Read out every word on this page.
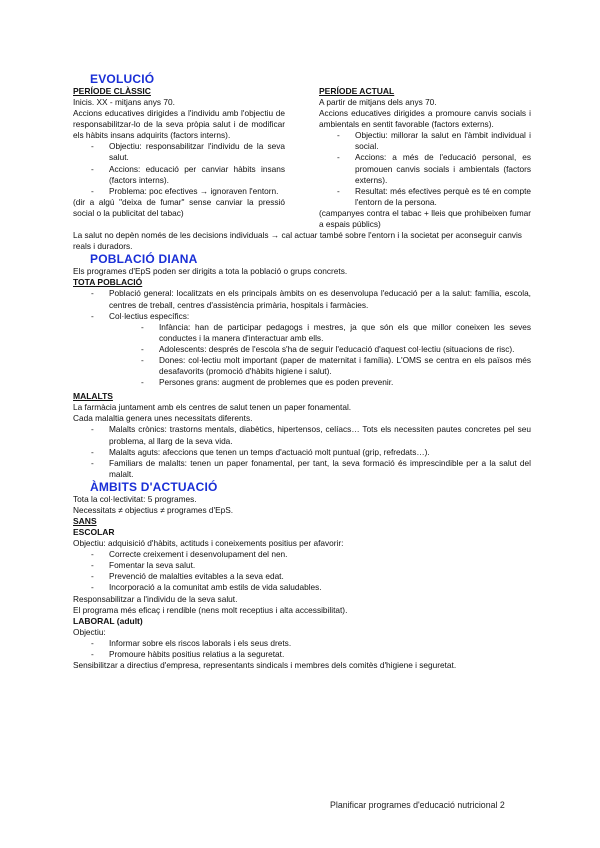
EVOLUCIÓ
PERÍODE CLÀSSIC

Inicis. XX - mitjans anys 70.

Accions educatives dirigides a l'individu amb l'objectiu de responsabilitzar-lo de la seva pròpia salut i de modificar els hàbits insans adquirits (factors interns).

- Objectiu: responsabilitzar l'individu de la seva salut.
- Accions: educació per canviar hàbits insans (factors interns).
- Problema: poc efectives → ignoraven l'entorn.

(dir a algú "deixa de fumar" sense canviar la pressió social o la publicitat del tabac)

PERÍODE ACTUAL

A partir de mitjans dels anys 70.

Accions educatives dirigides a promoure canvis socials i ambientals en sentit favorable (factors externs).

- Objectiu: millorar la salut en l'àmbit individual i social.
- Accions: a més de l'educació personal, es promouen canvis socials i ambientals (factors externs).
- Resultat: més efectives perquè es té en compte l'entorn de la persona.

(campanyes contra el tabac + lleis que prohibeixen fumar a espais públics)

La salut no depèn només de les decisions individuals → cal actuar també sobre l'entorn i la societat per aconseguir canvis reals i duradors.

POBLACIÓ DIANA

Els programes d'EpS poden ser dirigits a tota la població o grups concrets.

TOTA POBLACIÓ
- Població general: localitzats en els principals àmbits on es desenvolupa l'educació per a la salut: família, escola, centres de treball, centres d'assistència primària, hospitals i farmàcies.
- Col·lectius específics:
- Infància: han de participar pedagogs i mestres, ja que són els que millor coneixen les seves conductes i la manera d'interactuar amb ells.
- Adolescents: després de l'escola s'ha de seguir l'educació d'aquest col·lectiu (situacions de risc).
- Dones: col·lectiu molt important (paper de maternitat i família). L'OMS se centra en els països més desafavorits (promoció d'hàbits higiene i salut).
- Persones grans: augment de problemes que es poden prevenir.
MALALTS

La farmàcia juntament amb els centres de salut tenen un paper fonamental.

Cada malaltia genera unes necessitats diferents.

- Malalts crònics: trastorns mentals, diabètics, hipertensos, celíacs… Tots els necessiten pautes concretes pel seu problema, al llarg de la seva vida.
- Malalts aguts: afeccions que tenen un temps d'actuació molt puntual (grip, refredats…).
- Familiars de malalts: tenen un paper fonamental, per tant, la seva formació és imprescindible per a la salut del malalt.
ÀMBITS D'ACTUACIÓ

Tota la col·lectivitat: 5 programes.

Necessitats ≠ objectius ≠ programes d'EpS.

SANS
ESCOLAR

Objectiu: adquisició d'hàbits, actituds i coneixements positius per afavorir:

- Correcte creixement i desenvolupament del nen.
- Fomentar la seva salut.
- Prevenció de malalties evitables a la seva edat.
- Incorporació a la comunitat amb estils de vida saludables.

Responsabilitzar a l'individu de la seva salut.

El programa més eficaç i rendible (nens molt receptius i alta accessibilitat).

LABORAL (adult)

Objectiu:

- Informar sobre els riscos laborals i els seus drets.
- Promoure hàbits positius relatius a la seguretat.

Sensibilitzar a directius d'empresa, representants sindicals i membres dels comitès d'higiene i seguretat.

Planificar programes d'educació nutricional 2
